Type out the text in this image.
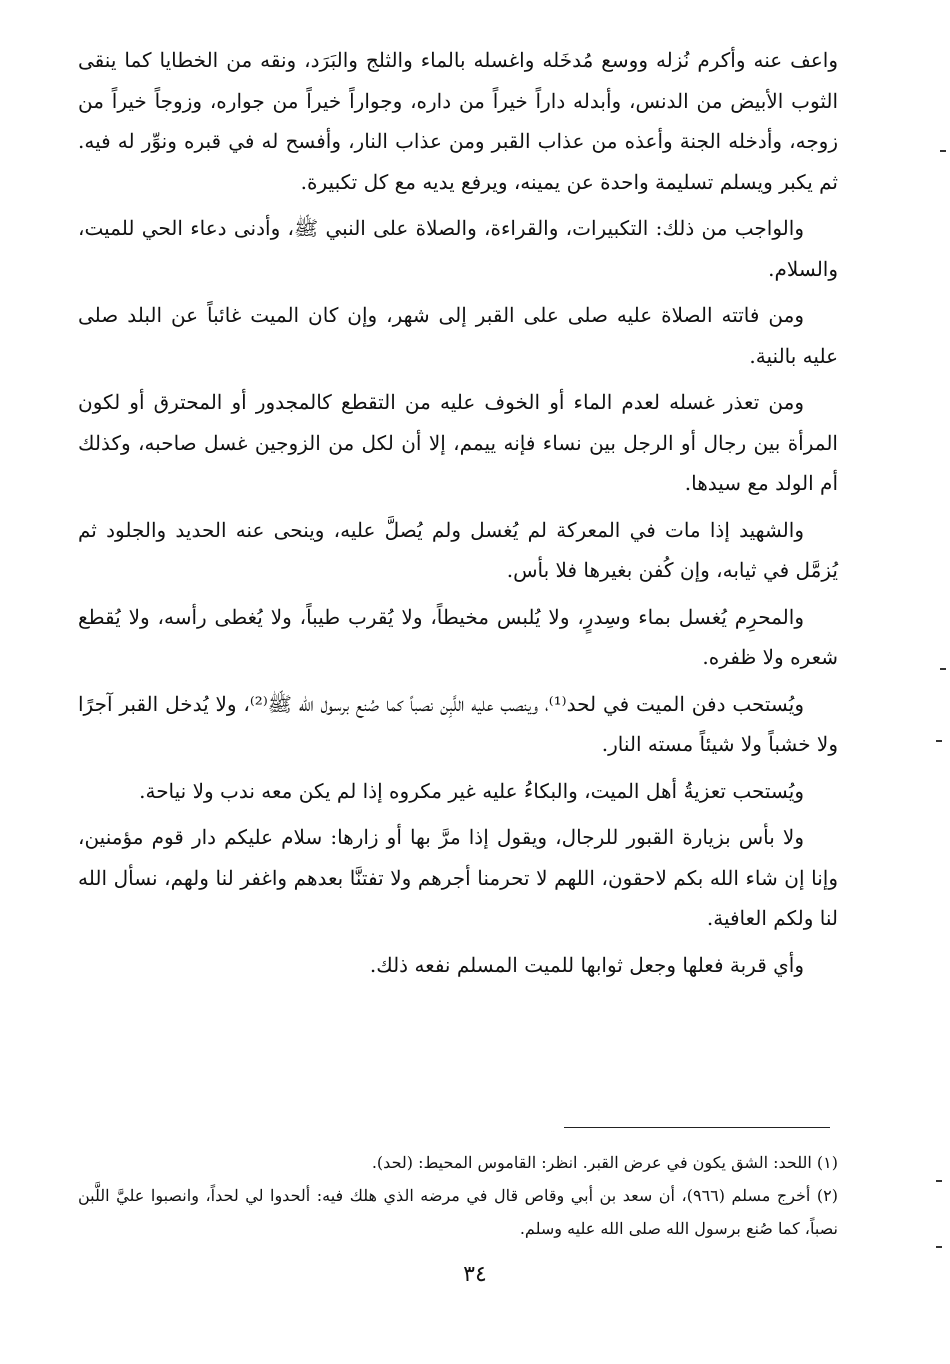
واعف عنه وأكرم نُزله ووسع مُدخَله واغسله بالماء والثلج والبَرَد، ونقه من الخطايا كما ينقى الثوب الأبيض من الدنس، وأبدله داراً خيراً من داره، وجواراً خيراً من جواره، وزوجاً خيراً من زوجه، وأدخله الجنة وأعذه من عذاب القبر ومن عذاب النار، وأفسح له في قبره ونوِّر له فيه. ثم يكبر ويسلم تسليمة واحدة عن يمينه، ويرفع يديه مع كل تكبيرة.

والواجب من ذلك: التكبيرات، والقراءة، والصلاة على النبي ﷺ، وأدنى دعاء الحي للميت، والسلام.

ومن فاتته الصلاة عليه صلى على القبر إلى شهر، وإن كان الميت غائباً عن البلد صلى عليه بالنية.

ومن تعذر غسله لعدم الماء أو الخوف عليه من التقطع كالمجدور أو المحترق أو لكون المرأة بين رجال أو الرجل بين نساء فإنه ييمم، إلا أن لكل من الزوجين غسل صاحبه، وكذلك أم الولد مع سيدها.

والشهيد إذا مات في المعركة لم يُغسل ولم يُصلَّ عليه، وينحى عنه الحديد والجلود ثم يُزمَّل في ثيابه، وإن كُفن بغيرها فلا بأس.

والمحرِم يُغسل بماء وسِدرٍ، ولا يُلبس مخيطاً، ولا يُقرب طيباً، ولا يُغطى رأسه، ولا يُقطع شعره ولا ظفره.

ويُستحب دفن الميت في لحد⁽¹⁾، وينصب عليه اللَّبِن نصباً كما صُنع برسول الله ﷺ⁽²⁾، ولا يُدخل القبر آجرًا ولا خشباً ولا شيئاً مسته النار.

ويُستحب تعزيةُ أهل الميت، والبكاءُ عليه غير مكروه إذا لم يكن معه ندب ولا نياحة.

ولا بأس بزيارة القبور للرجال، ويقول إذا مرَّ بها أو زارها: سلام عليكم دار قوم مؤمنين، وإنا إن شاء الله بكم لاحقون، اللهم لا تحرمنا أجرهم ولا تفتنَّا بعدهم واغفر لنا ولهم، نسأل الله لنا ولكم العافية.

وأي قربة فعلها وجعل ثوابها للميت المسلم نفعه ذلك.

(١) اللحد: الشق يكون في عرض القبر. انظر: القاموس المحيط: (لحد).

(٢) أخرج مسلم (٩٦٦)، أن سعد بن أبي وقاص قال في مرضه الذي هلك فيه: ألحدوا لي لحداً، وانصبوا عليَّ اللَّبن نصباً، كما صُنع برسول الله صلى الله عليه وسلم.

٣٤
